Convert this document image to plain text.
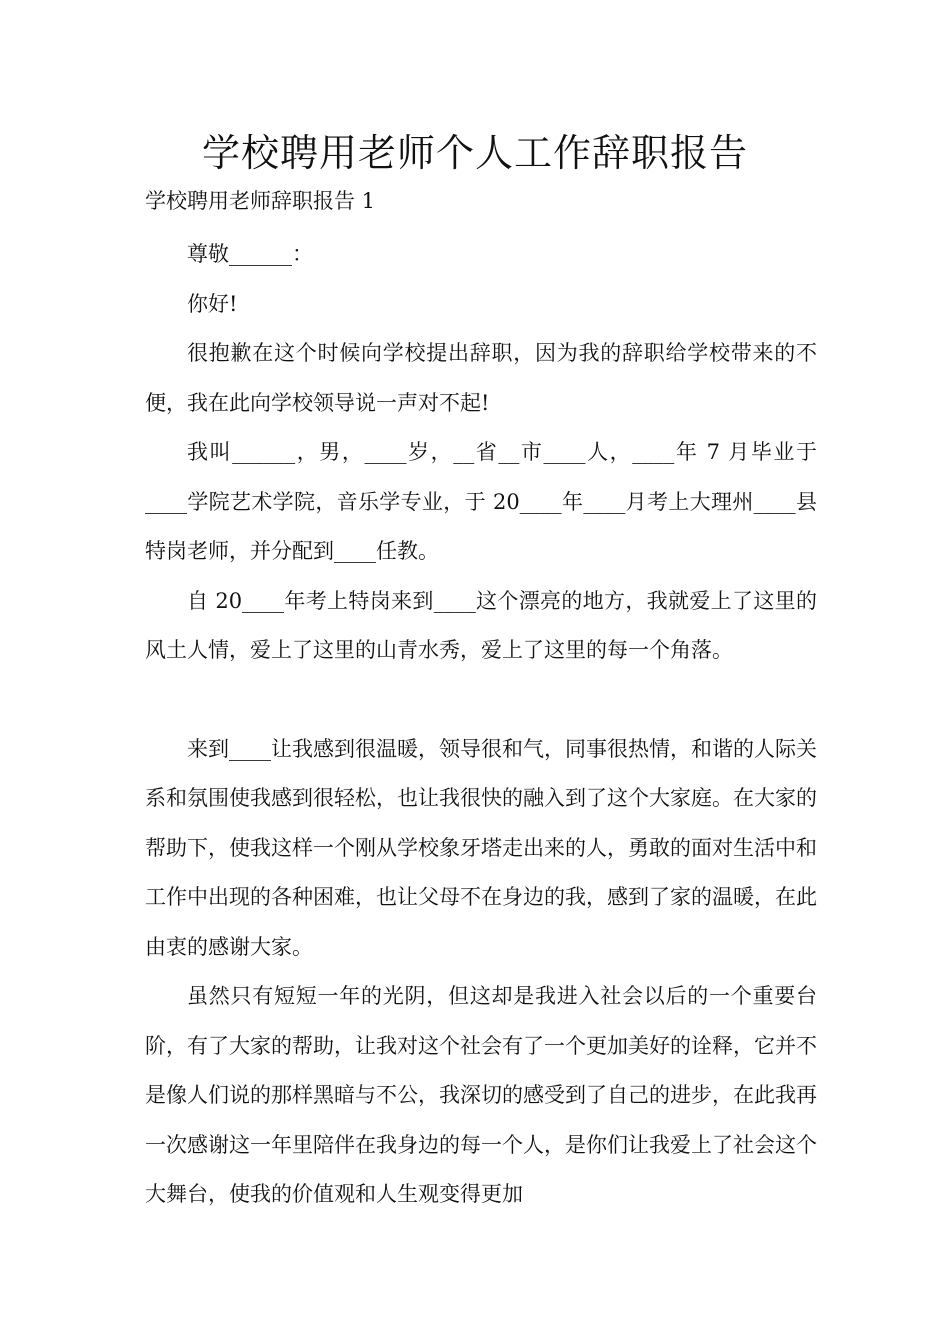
学校聘用老师个人工作辞职报告
学校聘用老师辞职报告 1

尊敬______：

你好!

很抱歉在这个时候向学校提出辞职，因为我的辞职给学校带来的不便，我在此向学校领导说一声对不起!

我叫______，男，____岁，__省__市____人，____年 7 月毕业于____学院艺术学院，音乐学专业，于 20____年____月考上大理州____县特岗老师，并分配到____任教。

自 20____年考上特岗来到____这个漂亮的地方，我就爱上了这里的风土人情，爱上了这里的山青水秀，爱上了这里的每一个角落。

来到____让我感到很温暖，领导很和气，同事很热情，和谐的人际关系和氛围使我感到很轻松，也让我很快的融入到了这个大家庭。在大家的帮助下，使我这样一个刚从学校象牙塔走出来的人，勇敢的面对生活中和工作中出现的各种困难，也让父母不在身边的我，感到了家的温暖，在此由衷的感谢大家。

虽然只有短短一年的光阴，但这却是我进入社会以后的一个重要台阶，有了大家的帮助，让我对这个社会有了一个更加美好的诠释，它并不是像人们说的那样黑暗与不公，我深切的感受到了自己的进步，在此我再一次感谢这一年里陪伴在我身边的每一个人，是你们让我爱上了社会这个大舞台，使我的价值观和人生观变得更加
